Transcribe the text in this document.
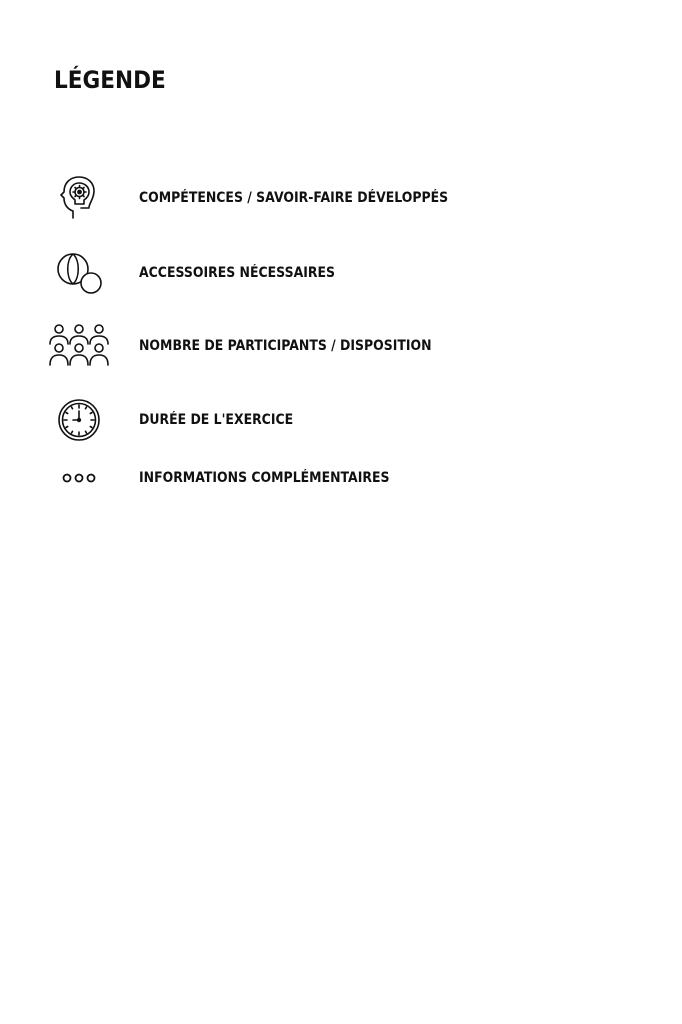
LÉGENDE
COMPÉTENCES / SAVOIR-FAIRE DÉVELOPPÉS
ACCESSOIRES NÉCESSAIRES
NOMBRE DE PARTICIPANTS / DISPOSITION
DURÉE DE L'EXERCICE
INFORMATIONS COMPLÉMENTAIRES
